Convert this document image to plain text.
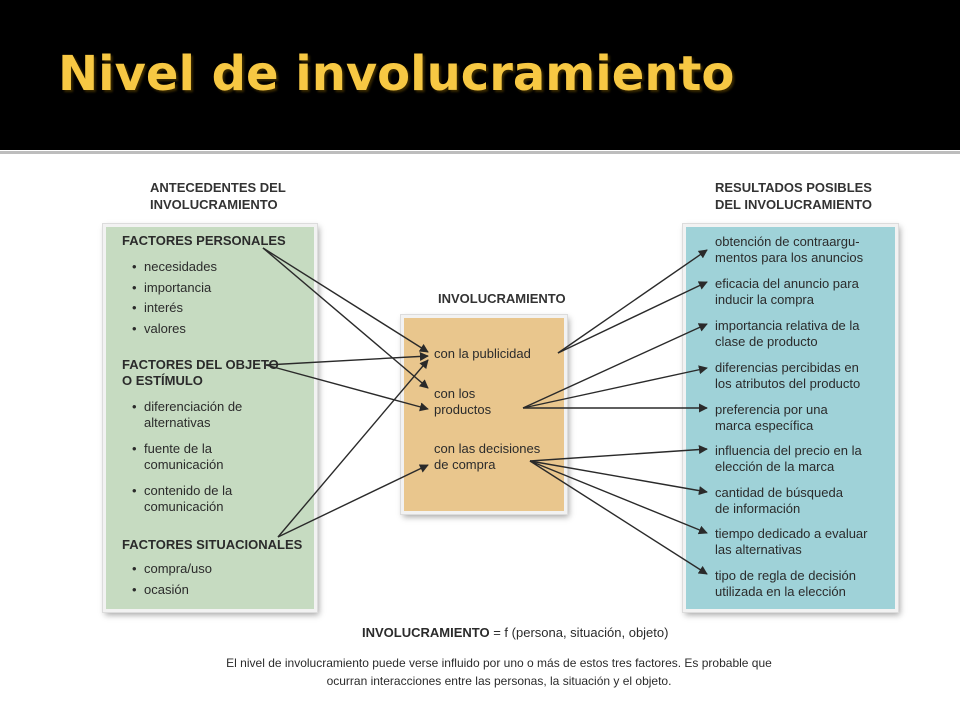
Nivel de involucramiento
ANTECEDENTES DEL
INVOLUCRAMIENTO
INVOLUCRAMIENTO
RESULTADOS POSIBLES
DEL INVOLUCRAMIENTO
FACTORES PERSONALES
• necesidades
• importancia
• interés
• valores
FACTORES DEL OBJETO
O ESTÍMULO
• diferenciación de
alternativas
• fuente de la
comunicación
• contenido de la
comunicación
FACTORES SITUACIONALES
• compra/uso
• ocasión
con la publicidad
con los
productos
con las decisiones
de compra
obtención de contraargu-
mentos para los anuncios
eficacia del anuncio para
inducir la compra
importancia relativa de la
clase de producto
diferencias percibidas en
los atributos del producto
preferencia por una
marca específica
influencia del precio en la
elección de la marca
cantidad de búsqueda
de información
tiempo dedicado a evaluar
las alternativas
tipo de regla de decisión
utilizada en la elección
INVOLUCRAMIENTO = f (persona, situación, objeto)

El nivel de involucramiento puede verse influido por uno o más de estos tres factores. Es probable que
ocurran interacciones entre las personas, la situación y el objeto.
